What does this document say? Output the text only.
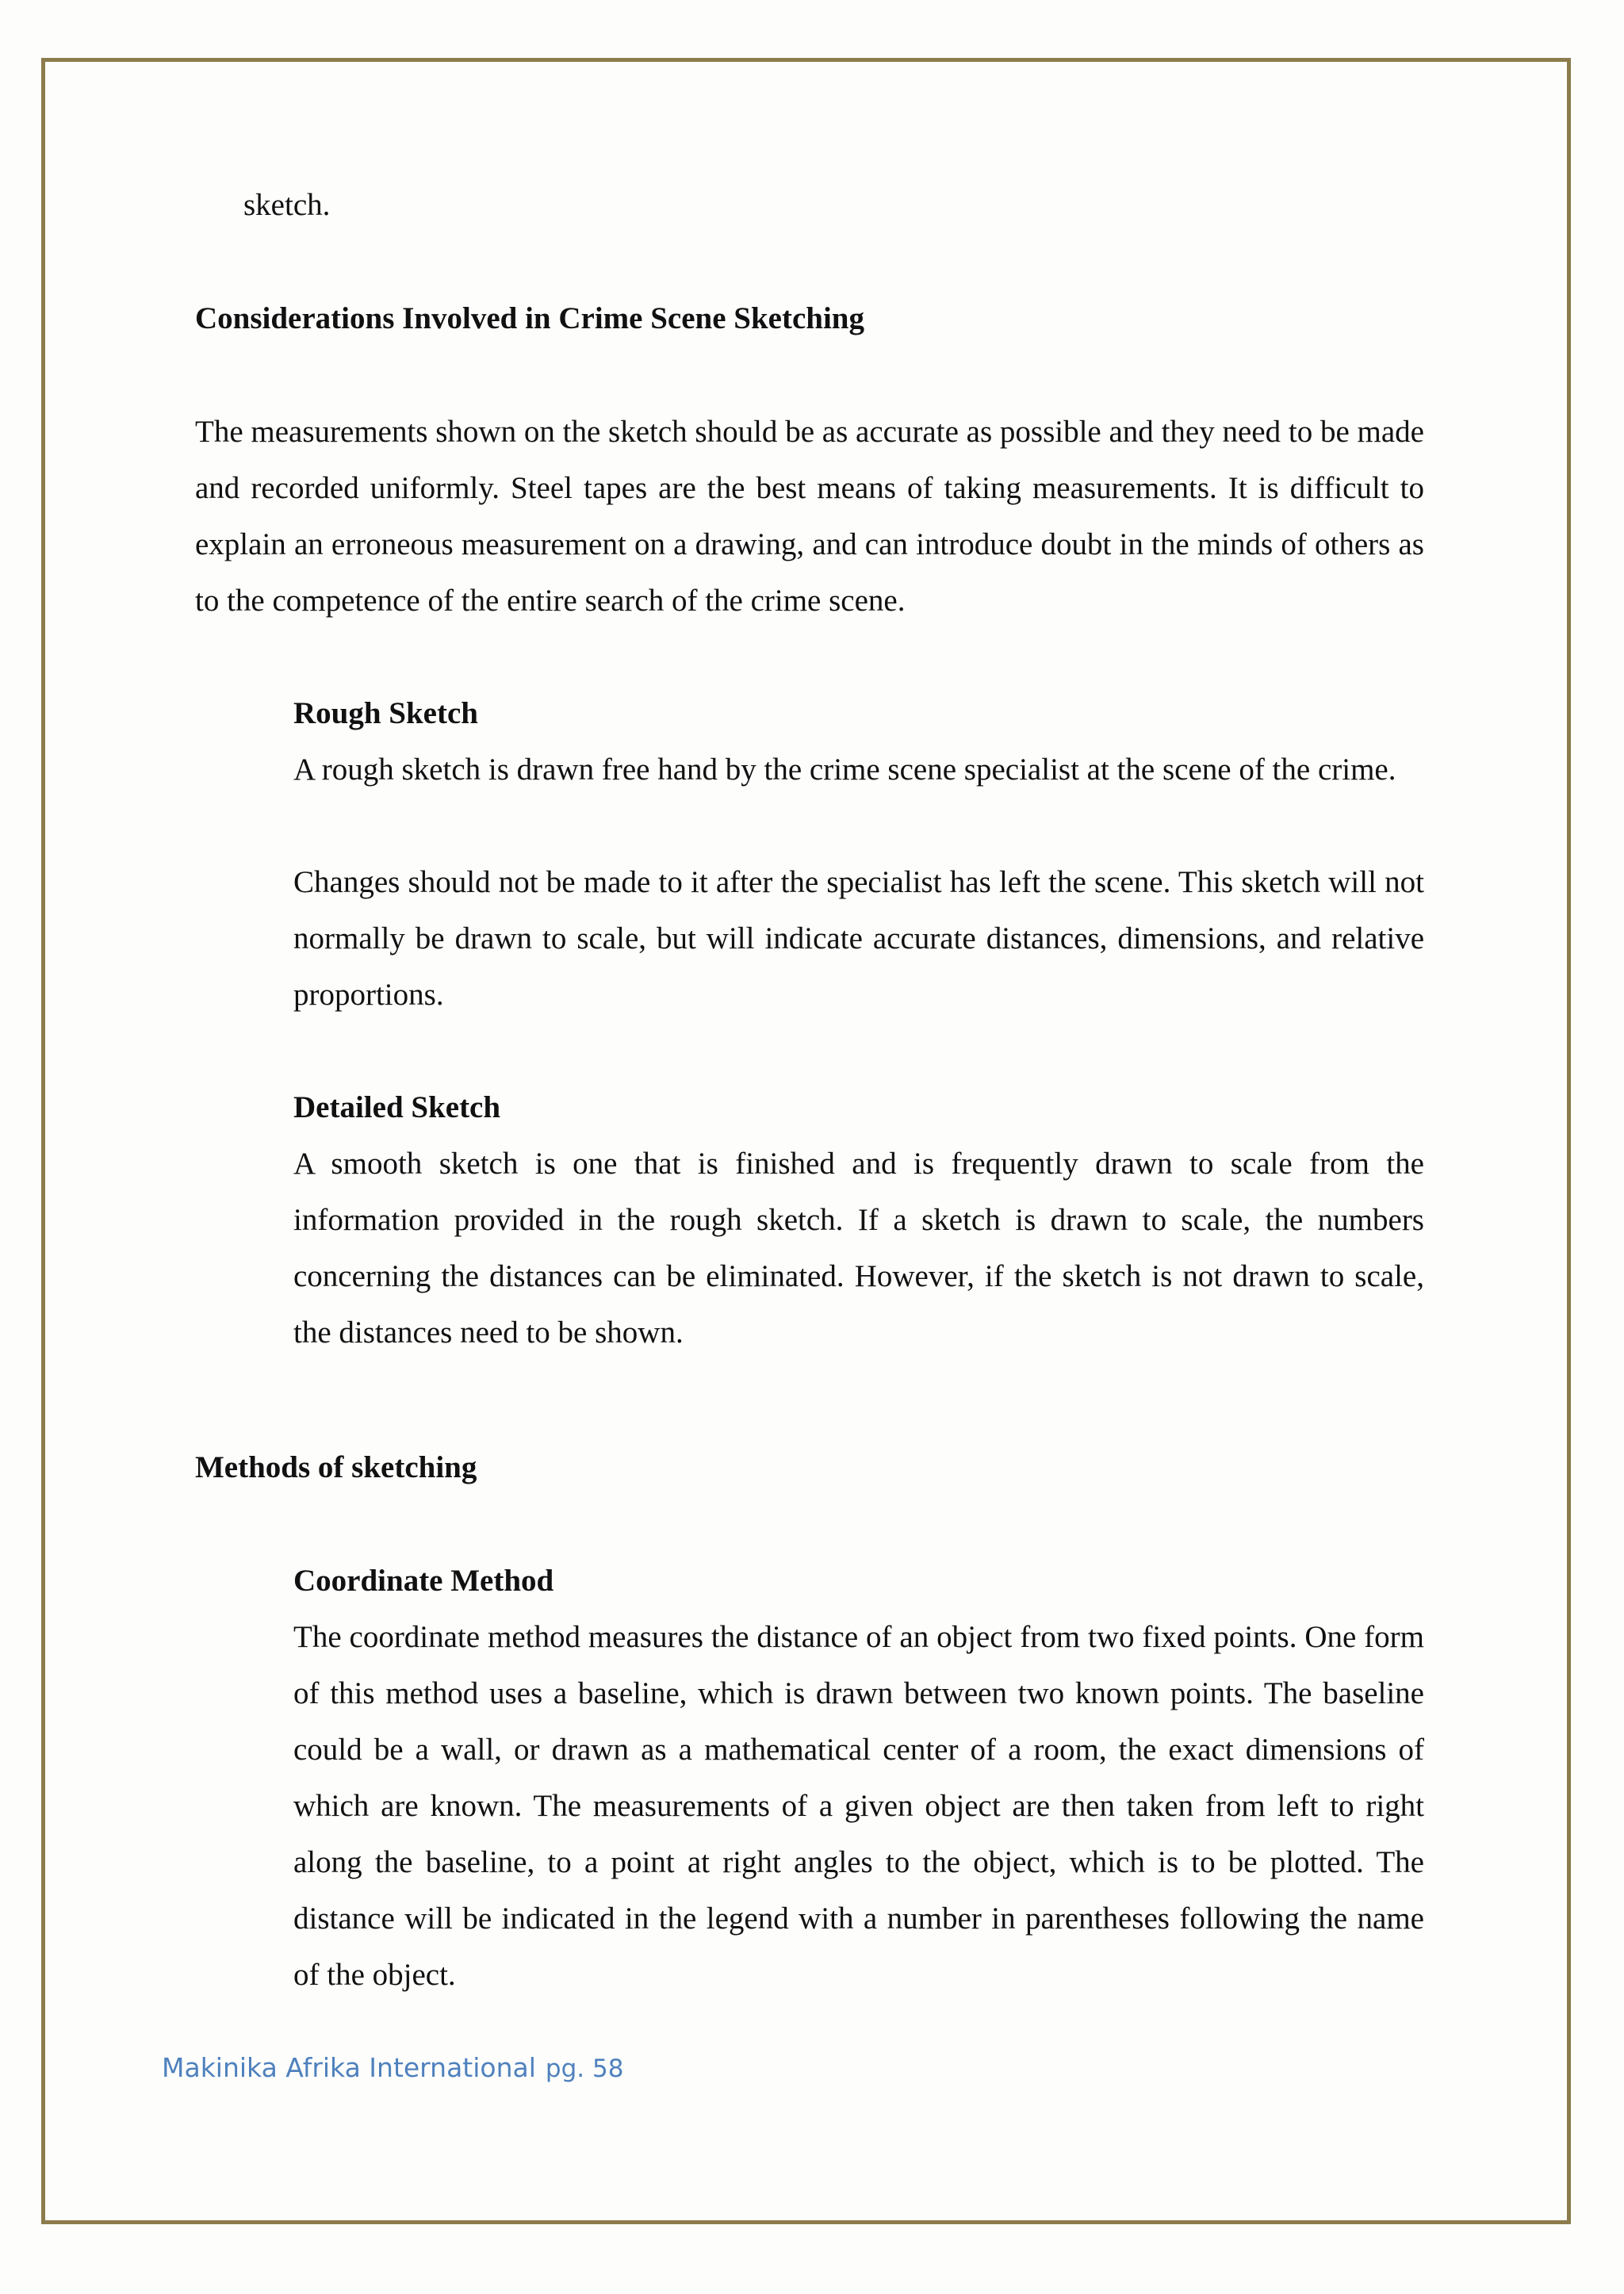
sketch.

Considerations Involved in Crime Scene Sketching

The measurements shown on the sketch should be as accurate as possible and they need to be made and recorded uniformly. Steel tapes are the best means of taking measurements. It is difficult to explain an erroneous measurement on a drawing, and can introduce doubt in the minds of others as to the competence of the entire search of the crime scene.

Rough Sketch

A rough sketch is drawn free hand by the crime scene specialist at the scene of the crime.

Changes should not be made to it after the specialist has left the scene. This sketch will not normally be drawn to scale, but will indicate accurate distances, dimensions, and relative proportions.

Detailed Sketch

A smooth sketch is one that is finished and is frequently drawn to scale from the information provided in the rough sketch. If a sketch is drawn to scale, the numbers concerning the distances can be eliminated. However, if the sketch is not drawn to scale, the distances need to be shown.

Methods of sketching

Coordinate Method

The coordinate method measures the distance of an object from two fixed points. One form of this method uses a baseline, which is drawn between two known points. The baseline could be a wall, or drawn as a mathematical center of a room, the exact dimensions of which are known. The measurements of a given object are then taken from left to right along the baseline, to a point at right angles to the object, which is to be plotted. The distance will be indicated in the legend with a number in parentheses following the name of the object.

Makinika Afrika International pg. 58
